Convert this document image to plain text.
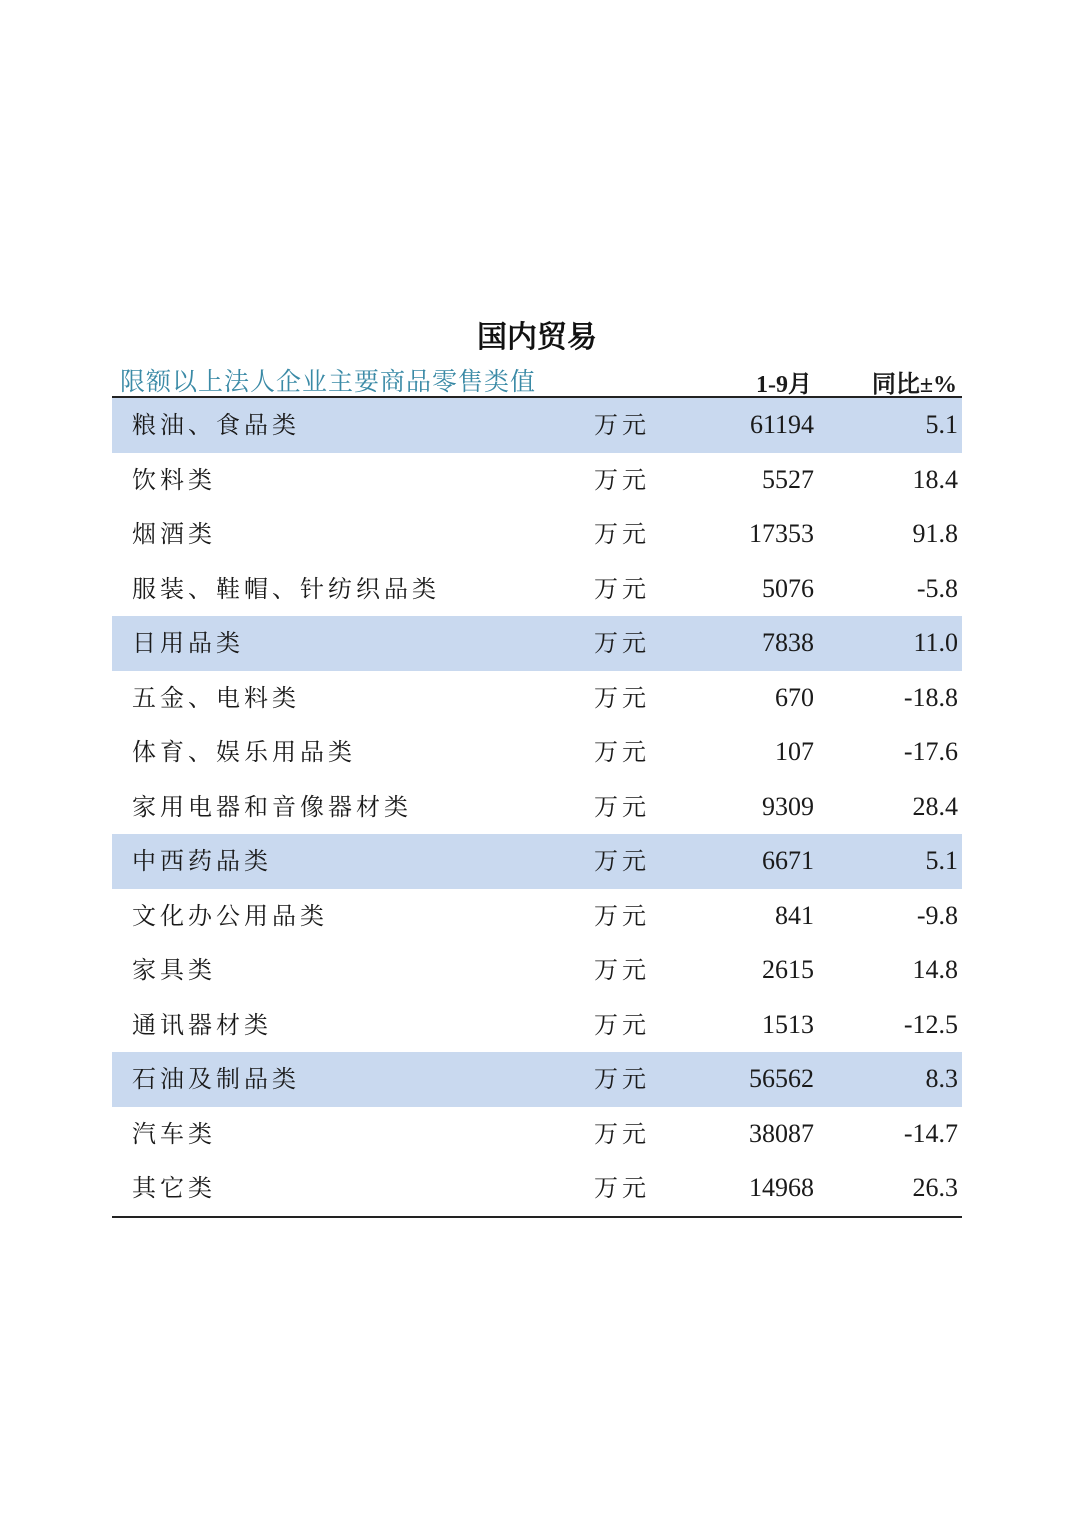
国内贸易
限额以上法人企业主要商品零售类值	1-9月 同比±%
粮油、食品类	万元	61194	5.1
饮料类	万元	5527	18.4
烟酒类	万元	17353	91.8
服装、鞋帽、针纺织品类	万元	5076	-5.8
日用品类	万元	7838	11.0
五金、电料类	万元	670	-18.8
体育、娱乐用品类	万元	107	-17.6
家用电器和音像器材类	万元	9309	28.4
中西药品类	万元	6671	5.1
文化办公用品类	万元	841	-9.8
家具类	万元	2615	14.8
通讯器材类	万元	1513	-12.5
石油及制品类	万元	56562	8.3
汽车类	万元	38087	-14.7
其它类	万元	14968	26.3
